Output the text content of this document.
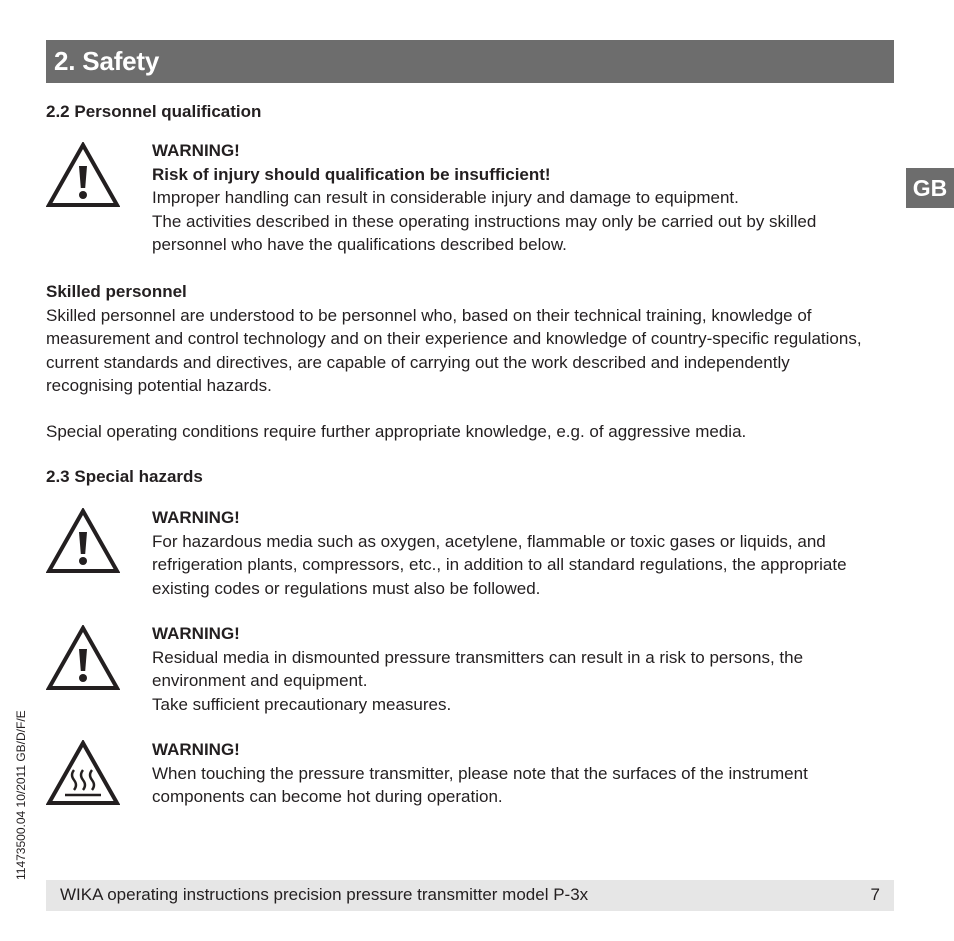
2. Safety
GB
2.2 Personnel qualification
WARNING!
Risk of injury should qualification be insufficient!
Improper handling can result in considerable injury and damage to equipment.
The activities described in these operating instructions may only be carried out by skilled personnel who have the qualifications described below.
Skilled personnel
Skilled personnel are understood to be personnel who, based on their technical training, knowledge of measurement and control technology and on their experience and knowledge of country-specific regulations, current standards and directives, are capable of carrying out the work described and independently recognising potential hazards.
Special operating conditions require further appropriate knowledge, e.g. of aggressive media.
2.3 Special hazards
WARNING!
For hazardous media such as oxygen, acetylene, flammable or toxic gases or liquids, and refrigeration plants, compressors, etc., in addition to all standard regulations, the appropriate existing codes or regulations must also be followed.
WARNING!
Residual media in dismounted pressure transmitters can result in a risk to persons, the environment and equipment.
Take sufficient precautionary measures.
WARNING!
When touching the pressure transmitter, please note that the surfaces of the instrument components can become hot during operation.
11473500.04 10/2011 GB/D/F/E
WIKA operating instructions precision pressure transmitter model P-3x	7
